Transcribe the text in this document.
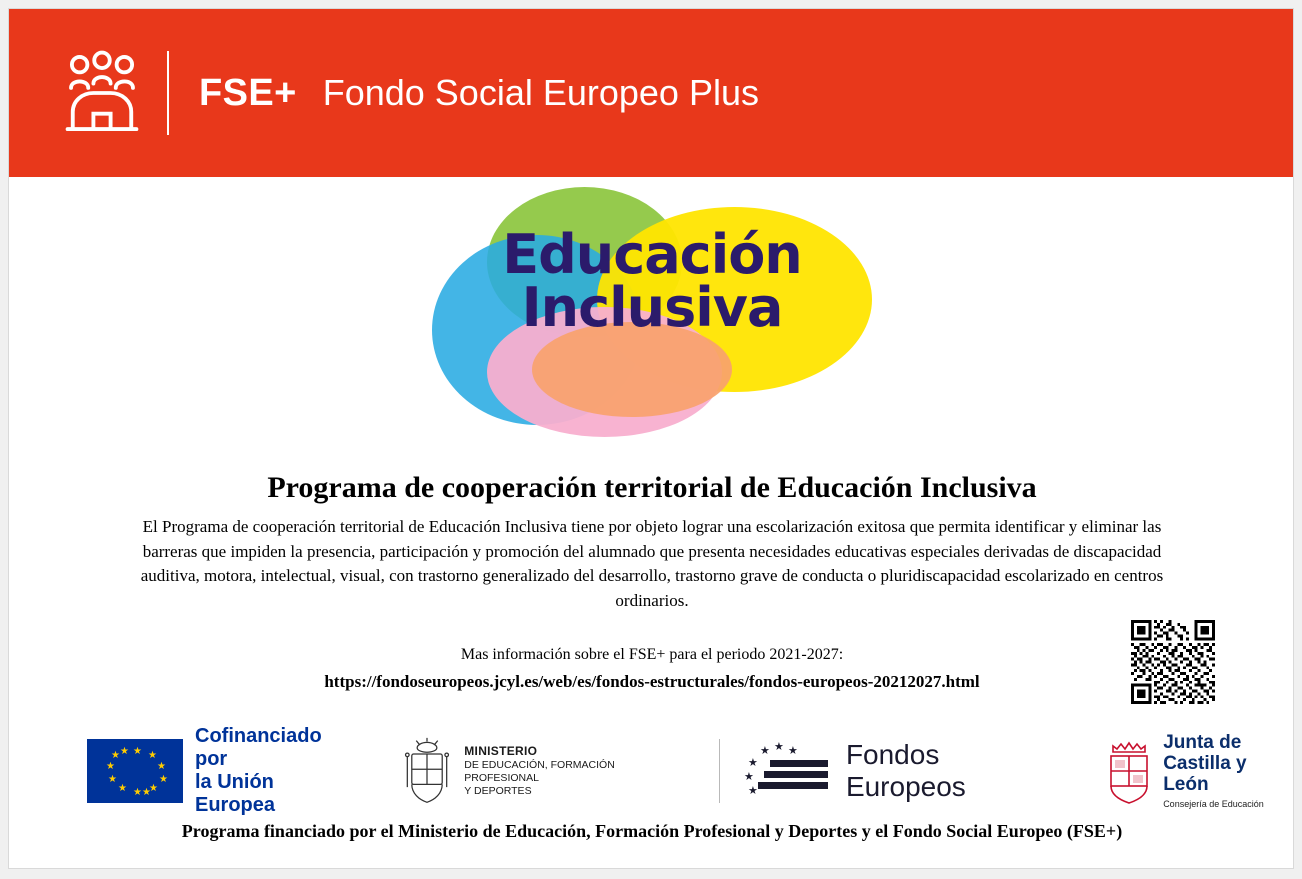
FSE+ Fondo Social Europeo Plus
Educación
Inclusiva
Programa de cooperación territorial de Educación Inclusiva
El Programa de cooperación territorial de Educación Inclusiva tiene por objeto lograr una escolarización exitosa que permita identificar y eliminar las barreras que impiden la presencia, participación y promoción del alumnado que presenta necesidades educativas especiales derivadas de discapacidad auditiva, motora, intelectual, visual, con trastorno generalizado del desarrollo, trastorno grave de conducta o pluridiscapacidad escolarizado en centros ordinarios.
Mas información sobre el FSE+ para el periodo 2021-2027:
https://fondoseuropeos.jcyl.es/web/es/fondos-estructurales/fondos-europeos-20212027.html
★ ★
★
★
★
★
★
★
★
★ ★
★
Cofinanciado por
la Unión Europea
MINISTERIO
DE EDUCACIÓN, FORMACIÓN PROFESIONAL
Y DEPORTES
★ ★ ★
★
★
★
Fondos Europeos
Junta de
Castilla y León
Consejería de Educación
Programa financiado por el Ministerio de Educación, Formación Profesional y Deportes y el Fondo Social Europeo (FSE+)
